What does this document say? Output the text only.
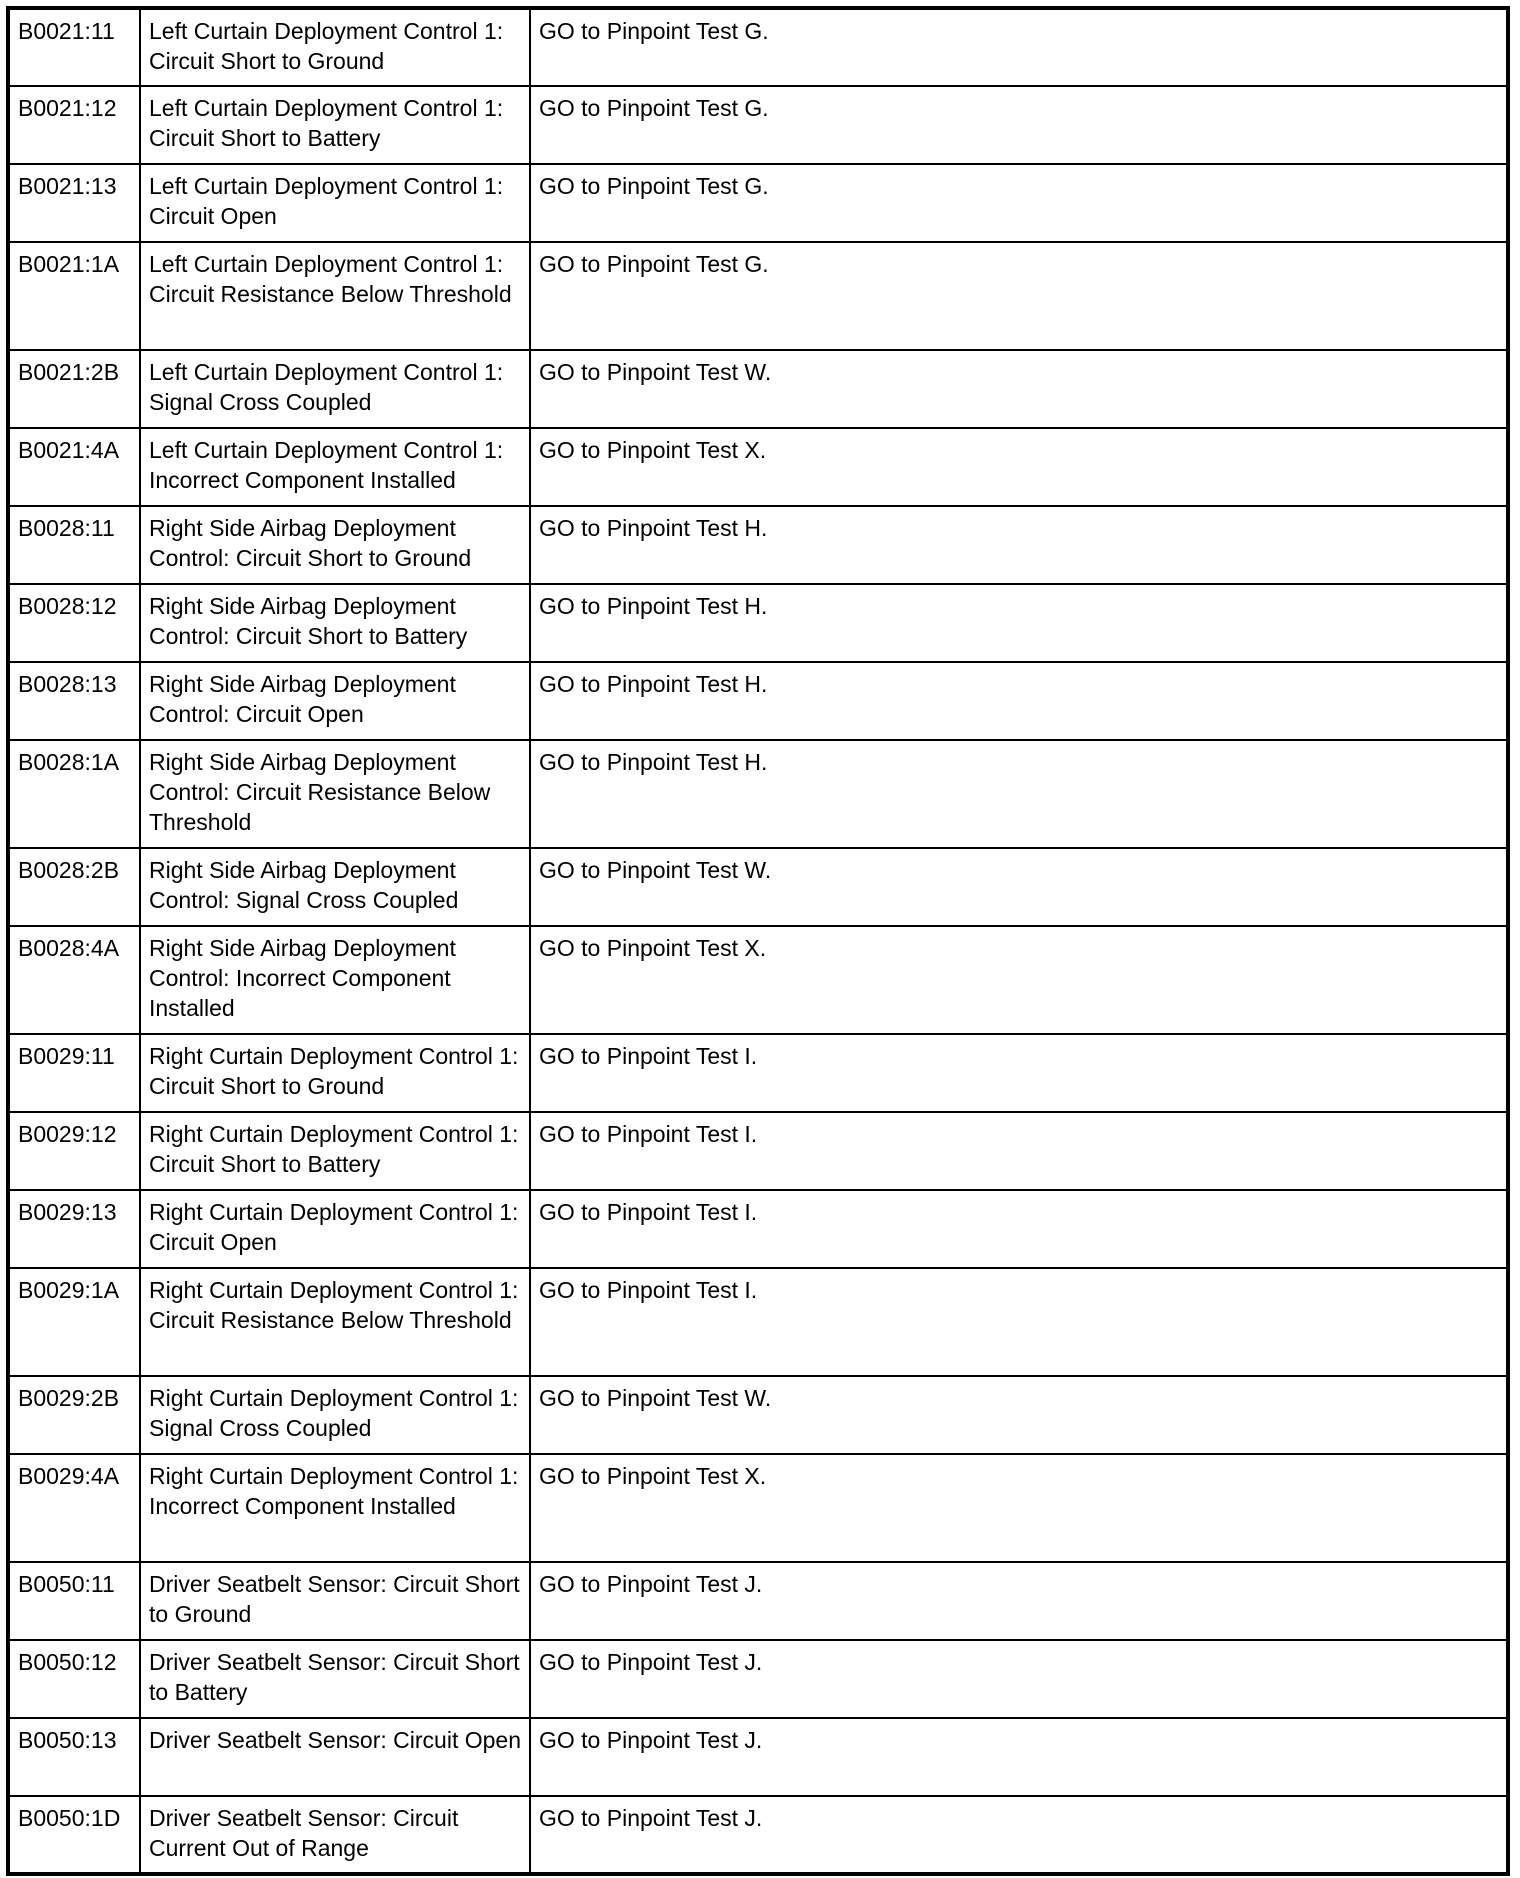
B0021:11	Left Curtain Deployment Control 1: Circuit Short to Ground	GO to Pinpoint Test G.
B0021:12	Left Curtain Deployment Control 1: Circuit Short to Battery	GO to Pinpoint Test G.
B0021:13	Left Curtain Deployment Control 1: Circuit Open	GO to Pinpoint Test G.
B0021:1A	Left Curtain Deployment Control 1: Circuit Resistance Below Threshold	GO to Pinpoint Test G.
B0021:2B	Left Curtain Deployment Control 1: Signal Cross Coupled	GO to Pinpoint Test W.
B0021:4A	Left Curtain Deployment Control 1: Incorrect Component Installed	GO to Pinpoint Test X.
B0028:11	Right Side Airbag Deployment Control: Circuit Short to Ground	GO to Pinpoint Test H.
B0028:12	Right Side Airbag Deployment Control: Circuit Short to Battery	GO to Pinpoint Test H.
B0028:13	Right Side Airbag Deployment Control: Circuit Open	GO to Pinpoint Test H.
B0028:1A	Right Side Airbag Deployment Control: Circuit Resistance Below Threshold	GO to Pinpoint Test H.
B0028:2B	Right Side Airbag Deployment Control: Signal Cross Coupled	GO to Pinpoint Test W.
B0028:4A	Right Side Airbag Deployment Control: Incorrect Component Installed	GO to Pinpoint Test X.
B0029:11	Right Curtain Deployment Control 1: Circuit Short to Ground	GO to Pinpoint Test I.
B0029:12	Right Curtain Deployment Control 1: Circuit Short to Battery	GO to Pinpoint Test I.
B0029:13	Right Curtain Deployment Control 1: Circuit Open	GO to Pinpoint Test I.
B0029:1A	Right Curtain Deployment Control 1: Circuit Resistance Below Threshold	GO to Pinpoint Test I.
B0029:2B	Right Curtain Deployment Control 1: Signal Cross Coupled	GO to Pinpoint Test W.
B0029:4A	Right Curtain Deployment Control 1: Incorrect Component Installed	GO to Pinpoint Test X.
B0050:11	Driver Seatbelt Sensor: Circuit Short to Ground	GO to Pinpoint Test J.
B0050:12	Driver Seatbelt Sensor: Circuit Short to Battery	GO to Pinpoint Test J.
B0050:13	Driver Seatbelt Sensor: Circuit Open	GO to Pinpoint Test J.
B0050:1D	Driver Seatbelt Sensor: Circuit Current Out of Range	GO to Pinpoint Test J.
